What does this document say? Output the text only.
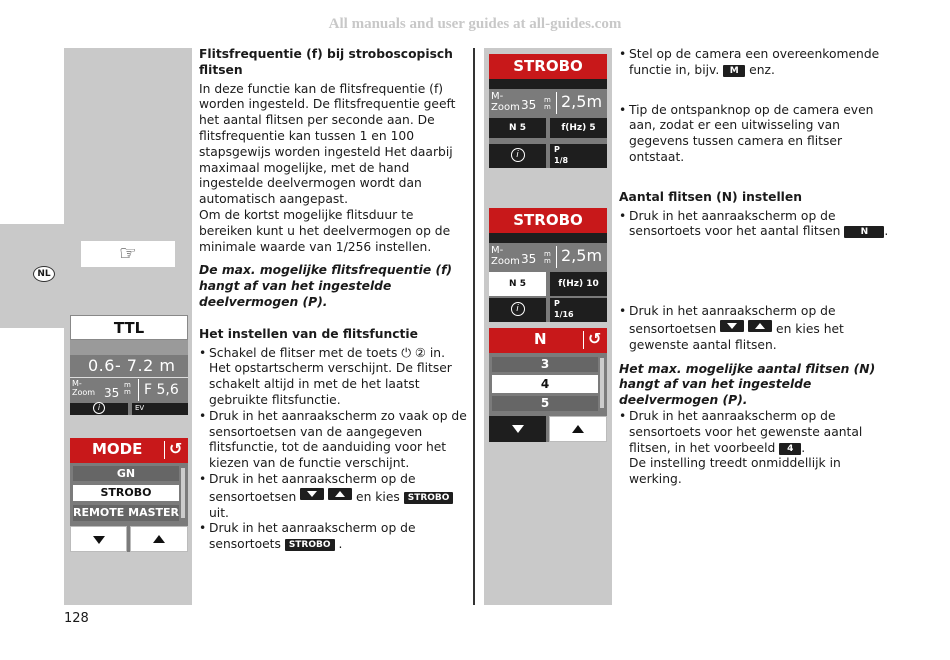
All manuals and user guides at all-guides.com
NL
☞
TTL
0.6- 7.2 m
M-
Zoom 35
m
m F 5,6
i	EV
MODE ↺
GN
STROBO
REMOTE MASTER
STROBO
M-
Zoom 35 m
m 2,5m
N 5	f(Hz) 5
i
P
1/8
STROBO
M-
Zoom 35 m
m 2,5m
N 5	f(Hz) 10
i
P
1/16
N	↺
3
4
5
Flitsfrequentie (f) bij stroboscopisch flitsen

In deze functie kan de flitsfrequentie (f) worden ingesteld. De flitsfrequentie geeft het aantal flitsen per seconde aan. De flitsfrequentie kan tussen 1 en 100 stapsgewijs worden ingesteld Het daarbij maximaal mogelijke, met de hand ingestelde deelvermogen wordt dan automatisch aangepast.

Om de kortst mogelijke flitsduur te bereiken kunt u het deelvermogen op de minimale waarde van 1/256 instellen.

De max. mogelijke flitsfrequentie (f) hangt af van het ingestelde deelvermogen (P).

Het instellen van de flitsfunctie
• Schakel de flitser met de toets ⏻ ② in. Het opstartscherm verschijnt. De flitser schakelt altijd in met de het laatst gebruikte flitsfunctie.
• Druk in het aanraakscherm zo vaak op de sensortoetsen van de aangegeven flitsfunctie, tot de aanduiding voor het kiezen van de functie verschijnt.
• Druk in het aanraakscherm op de sensortoetsen	en kies STROBO uit.
• Druk in het aanraakscherm op de sensortoets STROBO .
• Stel op de camera een overeenkomende functie in, bijv. M enz.
• Tip de ontspanknop op de camera even aan, zodat er een uitwisseling van gegevens tussen camera en flitser ontstaat.
Aantal flitsen (N) instellen
• Druk in het aanraakscherm op de sensortoets voor het aantal flitsen N .
• Druk in het aanraakscherm op de sensortoetsen	en kies het gewenste aantal flitsen.

Het max. mogelijke aantal flitsen (N) hangt af van het ingestelde deelvermogen (P).

• Druk in het aanraakscherm op de sensortoets voor het gewenste aantal flitsen, in het voorbeeld 4 .
De instelling treedt onmiddellijk in werking.
128
